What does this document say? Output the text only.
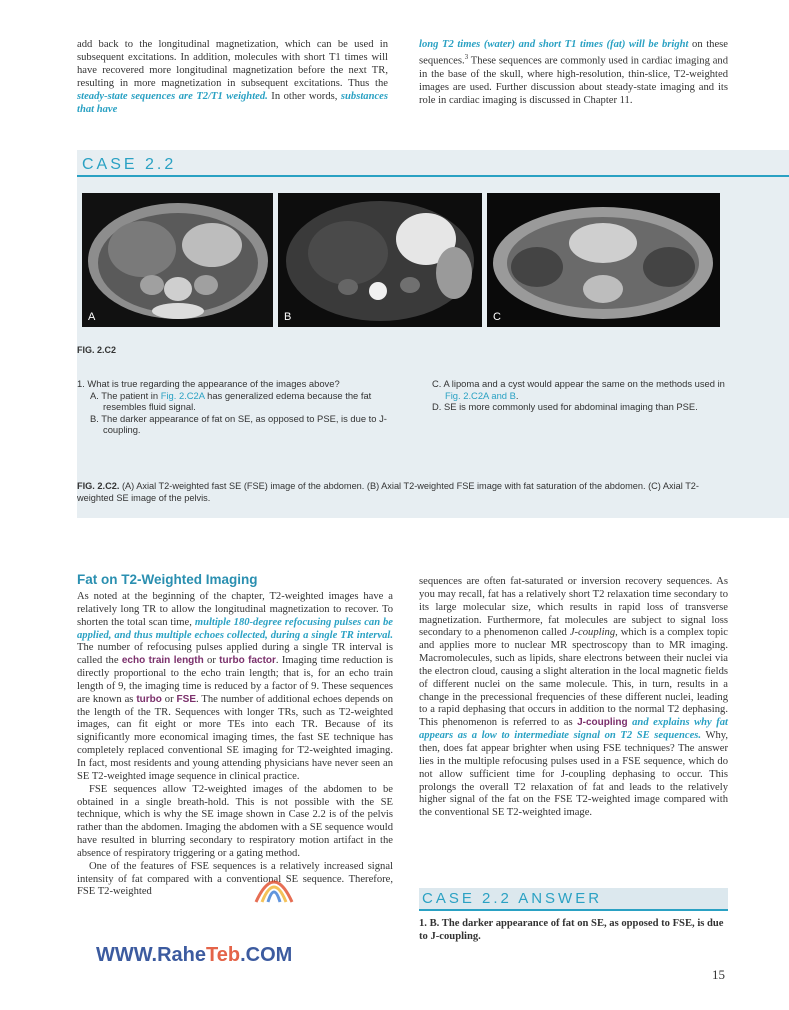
add back to the longitudinal magnetization, which can be used in subsequent excitations. In addition, molecules with short T1 times will have recovered more longitudinal magnetization before the next TR, resulting in more magnetization in subsequent excitations. Thus the steady-state sequences are T2/T1 weighted. In other words, substances that have

long T2 times (water) and short T1 times (fat) will be bright on these sequences.$^3$ These sequences are commonly used in cardiac imaging and in the base of the skull, where high-resolution, thin-slice, T2-weighted images are used. Further discussion about steady-state imaging and its role in cardiac imaging is discussed in Chapter 11.

CASE 2.2
A	B	C
FIG. 2.C2
1. What is true regarding the appearance of the images above?
A. The patient in Fig. 2.C2A has generalized edema because the fat resembles fluid signal.
B. The darker appearance of fat on SE, as opposed to PSE, is due to J-coupling.
C. A lipoma and a cyst would appear the same on the methods used in Fig. 2.C2A and B.
D. SE is more commonly used for abdominal imaging than PSE.
FIG. 2.C2. (A) Axial T2-weighted fast SE (FSE) image of the abdomen. (B) Axial T2-weighted FSE image with fat saturation of the abdomen. (C) Axial T2-weighted SE image of the pelvis.
Fat on T2-Weighted Imaging

As noted at the beginning of the chapter, T2-weighted images have a relatively long TR to allow the longitudinal magnetization to recover. To shorten the total scan time, multiple 180-degree refocusing pulses can be applied, and thus multiple echoes collected, during a single TR interval. The number of refocusing pulses applied during a single TR interval is called the echo train length or turbo factor. Imaging time reduction is directly proportional to the echo train length; that is, for an echo train length of 9, the imaging time is reduced by a factor of 9. These sequences are known as turbo or FSE. The number of additional echoes depends on the length of the TR. Sequences with longer TRs, such as T2-weighted images, can fit eight or more TEs into each TR. Because of its significantly more economical imaging times, the fast SE technique has completely replaced conventional SE imaging for T2-weighted imaging. In fact, most residents and young attending physicians have never seen an SE T2-weighted image sequence in clinical practice.

FSE sequences allow T2-weighted images of the abdomen to be obtained in a single breath-hold. This is not possible with the SE technique, which is why the SE image shown in Case 2.2 is of the pelvis rather than the abdomen. Imaging the abdomen with a SE sequence would have resulted in blurring secondary to respiratory motion artifact in the absence of respiratory triggering or a gating method.

One of the features of FSE sequences is a relatively increased signal intensity of fat compared with a conventional SE sequence. Therefore, FSE T2-weighted

sequences are often fat-saturated or inversion recovery sequences. As you may recall, fat has a relatively short T2 relaxation time secondary to its large molecular size, which results in rapid loss of transverse magnetization. Furthermore, fat molecules are subject to signal loss secondary to a phenomenon called J-coupling, which is a complex topic and applies more to nuclear MR spectroscopy than to MR imaging. Macromolecules, such as lipids, share electrons between their nuclei via the electron cloud, causing a slight alteration in the local magnetic fields of different nuclei on the same molecule. This, in turn, results in a change in the precessional frequencies of these different nuclei, leading to a rapid dephasing that occurs in addition to the normal T2 dephasing. This phenomenon is referred to as J-coupling and explains why fat appears as a low to intermediate signal on T2 SE sequences. Why, then, does fat appear brighter when using FSE techniques? The answer lies in the multiple refocusing pulses used in a FSE sequence, which do not allow sufficient time for J-coupling dephasing to occur. This prolongs the overall T2 relaxation of fat and leads to the relatively higher signal of the fat on the FSE T2-weighted image compared with the conventional SE T2-weighted image.

CASE 2.2 ANSWER
1. B. The darker appearance of fat on SE, as opposed to FSE, is due to J-coupling.
WWW.RaheTeb.COM
15
